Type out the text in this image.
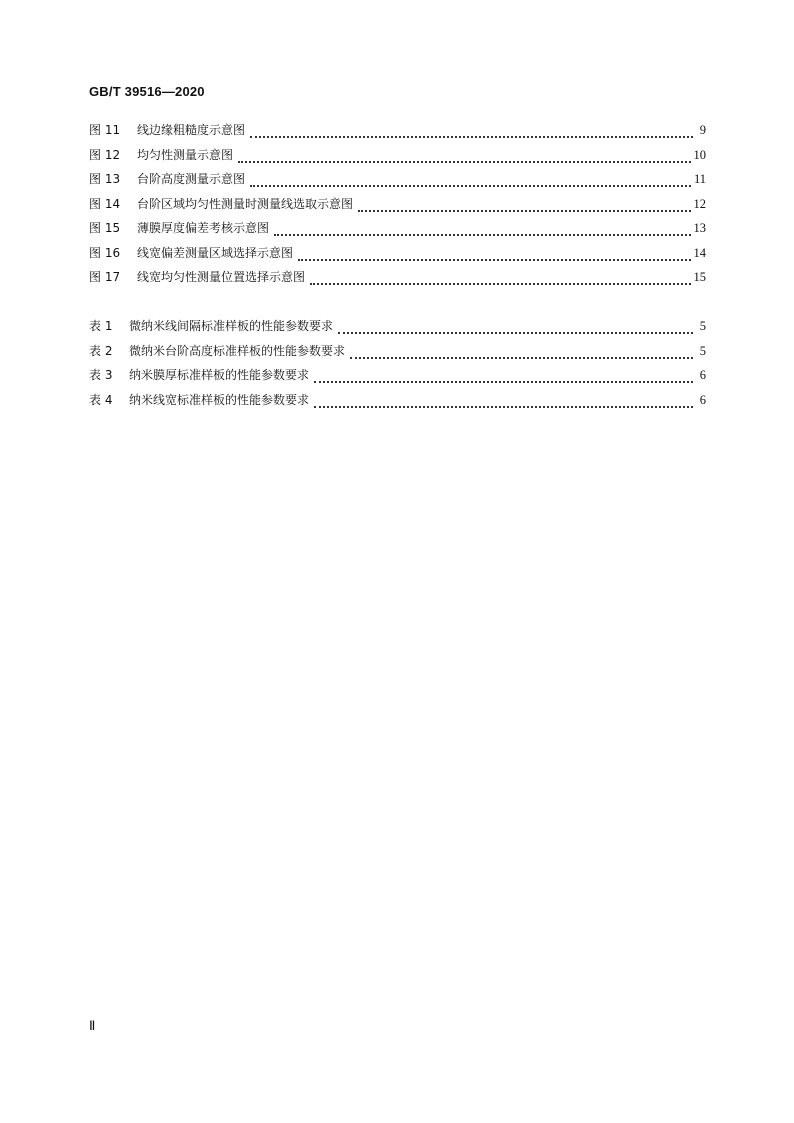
GB/T 39516—2020
图 11	线边缘粗糙度示意图	9
图 12	均匀性测量示意图	10
图 13	台阶高度测量示意图	11
图 14	台阶区域均匀性测量时测量线选取示意图	12
图 15	薄膜厚度偏差考核示意图	13
图 16	线宽偏差测量区域选择示意图	14
图 17	线宽均匀性测量位置选择示意图	15
表 1	微纳米线间隔标准样板的性能参数要求	5
表 2	微纳米台阶高度标准样板的性能参数要求	5
表 3	纳米膜厚标准样板的性能参数要求	6
表 4	纳米线宽标准样板的性能参数要求	6
Ⅱ
